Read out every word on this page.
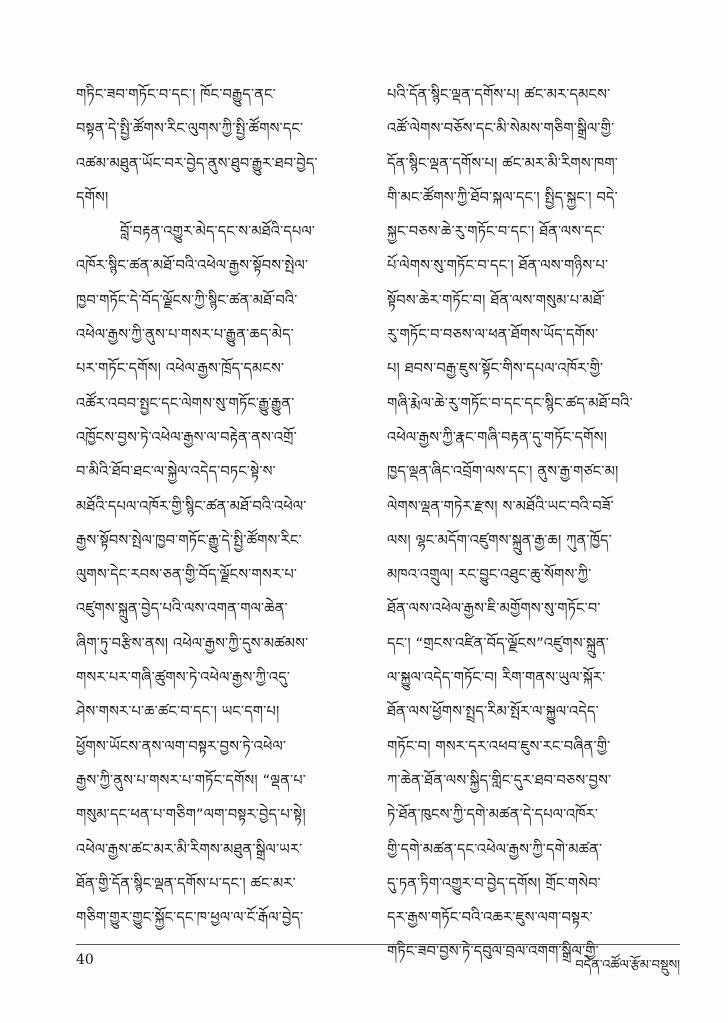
གཏིང་ཟབ་གཏོང་བ་དང་། ཁོང་བརྒྱུད་ནང་
བསྟན་དེ་སྤྱི་ཚོགས་རིང་ལུགས་ཀྱི་སྤྱི་ཚོགས་དང་
འཚམ་མཐུན་ཡོང་བར་བྱེད་ནུས་ཐུབ་རྒྱུར་ཐབ་བྱེད་
དགོས།
བློ་བརྟན་འགྱུར་མེད་དང་ས་མཐོའི་དཔལ་
འཁོར་སྙིང་ཚན་མཐོ་བའི་འཕེལ་རྒྱས་སྟོབས་སྤེལ་
ཁྱབ་གཏོང་དེ་བོད་ལྗོངས་ཀྱི་སྙིང་ཚན་མཐོ་བའི་
འཕེལ་རྒྱས་ཀྱི་ནུས་པ་གསར་པ་རྒྱུན་ཆད་མེད་
པར་གཏོང་དགོས། འཕེལ་རྒྱས་ཁྲོད་དམངས་
འཚོར་འབབ་སྤྱང་དང་ལེགས་སུ་གཏོང་རྒྱུ་རྒྱུན་
འཁྱོངས་བྱས་ཏེ་འཕེལ་རྒྱས་ལ་བརྟེན་ནས་འགྲོ་
བ་མིའི་ཐོབ་ཐང་ལ་སྐྱེལ་འདེད་བཏང་སྟེ་ས་
མཐོའི་དཔལ་འཁོར་གྱི་སྙིང་ཚན་མཐོ་བའི་འཕེལ་
རྒྱས་སྟོབས་སྤེལ་ཁྱབ་གཏོང་རྒྱུ་དེ་སྤྱི་ཚོགས་རིང་
ལུགས་དེང་རབས་ཅན་གྱི་བོད་ལྗོངས་གསར་པ་
འཛུགས་སྐྲུན་བྱེད་པའི་ལས་འགན་གལ་ཆེན་
ཞིག་ཏུ་བརྩིས་ནས། འཕེལ་རྒྱས་ཀྱི་དུས་མཚམས་
གསར་པར་གཞི་ཚུགས་ཏེ་འཕེལ་རྒྱས་ཀྱི་འདུ་
ཤེས་གསར་པ་ཆ་ཚང་བ་དང་། ཡང་དག་པ།
ཕྱོགས་ཡོངས་ནས་ལག་བསྟར་བྱས་ཏེ་འཕེལ་
རྒྱས་ཀྱི་ནུས་པ་གསར་པ་གཏོང་དགོས། “ལྡན་པ་
གསུམ་དང་ཕན་པ་གཅིག”ལག་བསྟར་བྱེད་པ་སྟེ།
འཕེལ་རྒྱས་ཚང་མར་མི་རིགས་མཐུན་སྒྲིལ་ཡར་
ཐོན་གྱི་དོན་སྙིང་ལྡན་དགོས་པ་དང་། ཚང་མར་
གཅིག་གྱུར་གྱུང་སྐྱོང་དང་ཁ་ཕྱལ་ལ་ངོ་རྒོལ་བྱེད་
པའི་དོན་སྙིང་ལྡན་དགོས་པ། ཚང་མར་དམངས་
འཚོ་ལེགས་བཅོས་དང་མི་སེམས་གཅིག་སྒྲིལ་གྱི་
དོན་སྙིང་ལྡན་དགོས་པ། ཚང་མར་མི་རིགས་ཁག་
གི་མང་ཚོགས་ཀྱི་ཐོབ་སྐལ་དང་། སྤྱིད་སྐྱང་། བདེ་
སྐྱང་བཅས་ཆེ་རུ་གཏོང་བ་དང་། ཐོན་ལས་དང་
པོ་ལེགས་སུ་གཏོང་བ་དང་། ཐོན་ལས་གཉིས་པ་
སྟོབས་ཆེར་གཏོང་བ། ཐོན་ལས་གསུམ་པ་མཐོ་
རུ་གཏོང་བ་བཅས་ལ་ཕན་ཐོགས་ཡོད་དགོས་
པ། ཐབས་བརྒྱ་ཇུས་སྟོང་གིས་དཔལ་འཁོར་གྱི་
གཞི་རྨེལ་ཆེ་རུ་གཏོང་བ་དང་དང་སྙིང་ཚད་མཐོ་བའི་
འཕེལ་རྒྱས་ཀྱི་རྣང་གཞི་བརྟན་དུ་གཏོང་དགོས།
ཁྱད་ལྡན་ཞིང་འབྲོག་ལས་དང་། ནུས་རྒྱ་གཙང་མ།
ལེགས་ལྡན་གཏེར་རྫས། ས་མཐོའི་ཡང་བའི་བཟོ་
ལས། ལྷང་མདོག་འཛུགས་སྐྲུན་རྒྱ་ཆ། ཀུན་ཁྱོད་
མཁའ་འགྲུལ། རང་བྱུང་འཐུང་ཆུ་སོགས་ཀྱི་
ཐོན་ལས་འཕེལ་རྒྱས་ཇི་མགྱོགས་སུ་གཏོང་བ་
དང་། “གྲངས་འཛིན་བོད་ལྗོངས”འཛུགས་སྐྲུན་
ལ་སྐྱུལ་འདེད་གཏོང་བ། རིག་གནས་ཡུལ་སྐོར་
ཐོན་ལས་ཕྱོགས་སྤྲད་རིམ་སྤོར་ལ་སྐྱུལ་འདེད་
གཏོང་བ། གསར་དར་འཕབ་ཇུས་རང་བཞིན་གྱི་
ཀ་ཆེན་ཐོན་ལས་སྐྱིད་གླིང་དུར་ཐབ་བཅས་བྱས་
ཏེ་ཐོན་ཁུངས་ཀྱི་དགེ་མཚན་དེ་དཔལ་འཁོར་
གྱི་དགེ་མཚན་དང་འཕེལ་རྒྱས་ཀྱི་དགེ་མཚན་
དུ་ཏན་ཏིག་འགྱུར་བ་བྱེད་དགོས། གྲོང་གསེབ་
དར་རྒྱས་གཏོང་བའི་འཆར་ཇུས་ལག་བསྟར་
གཏིང་ཟབ་བྱས་ཏེ་དབུལ་བྲལ་འགག་སྒྲིལ་གྱི་
40	བདེན་འཚོལ་རྩོམ་བསྡུས།
